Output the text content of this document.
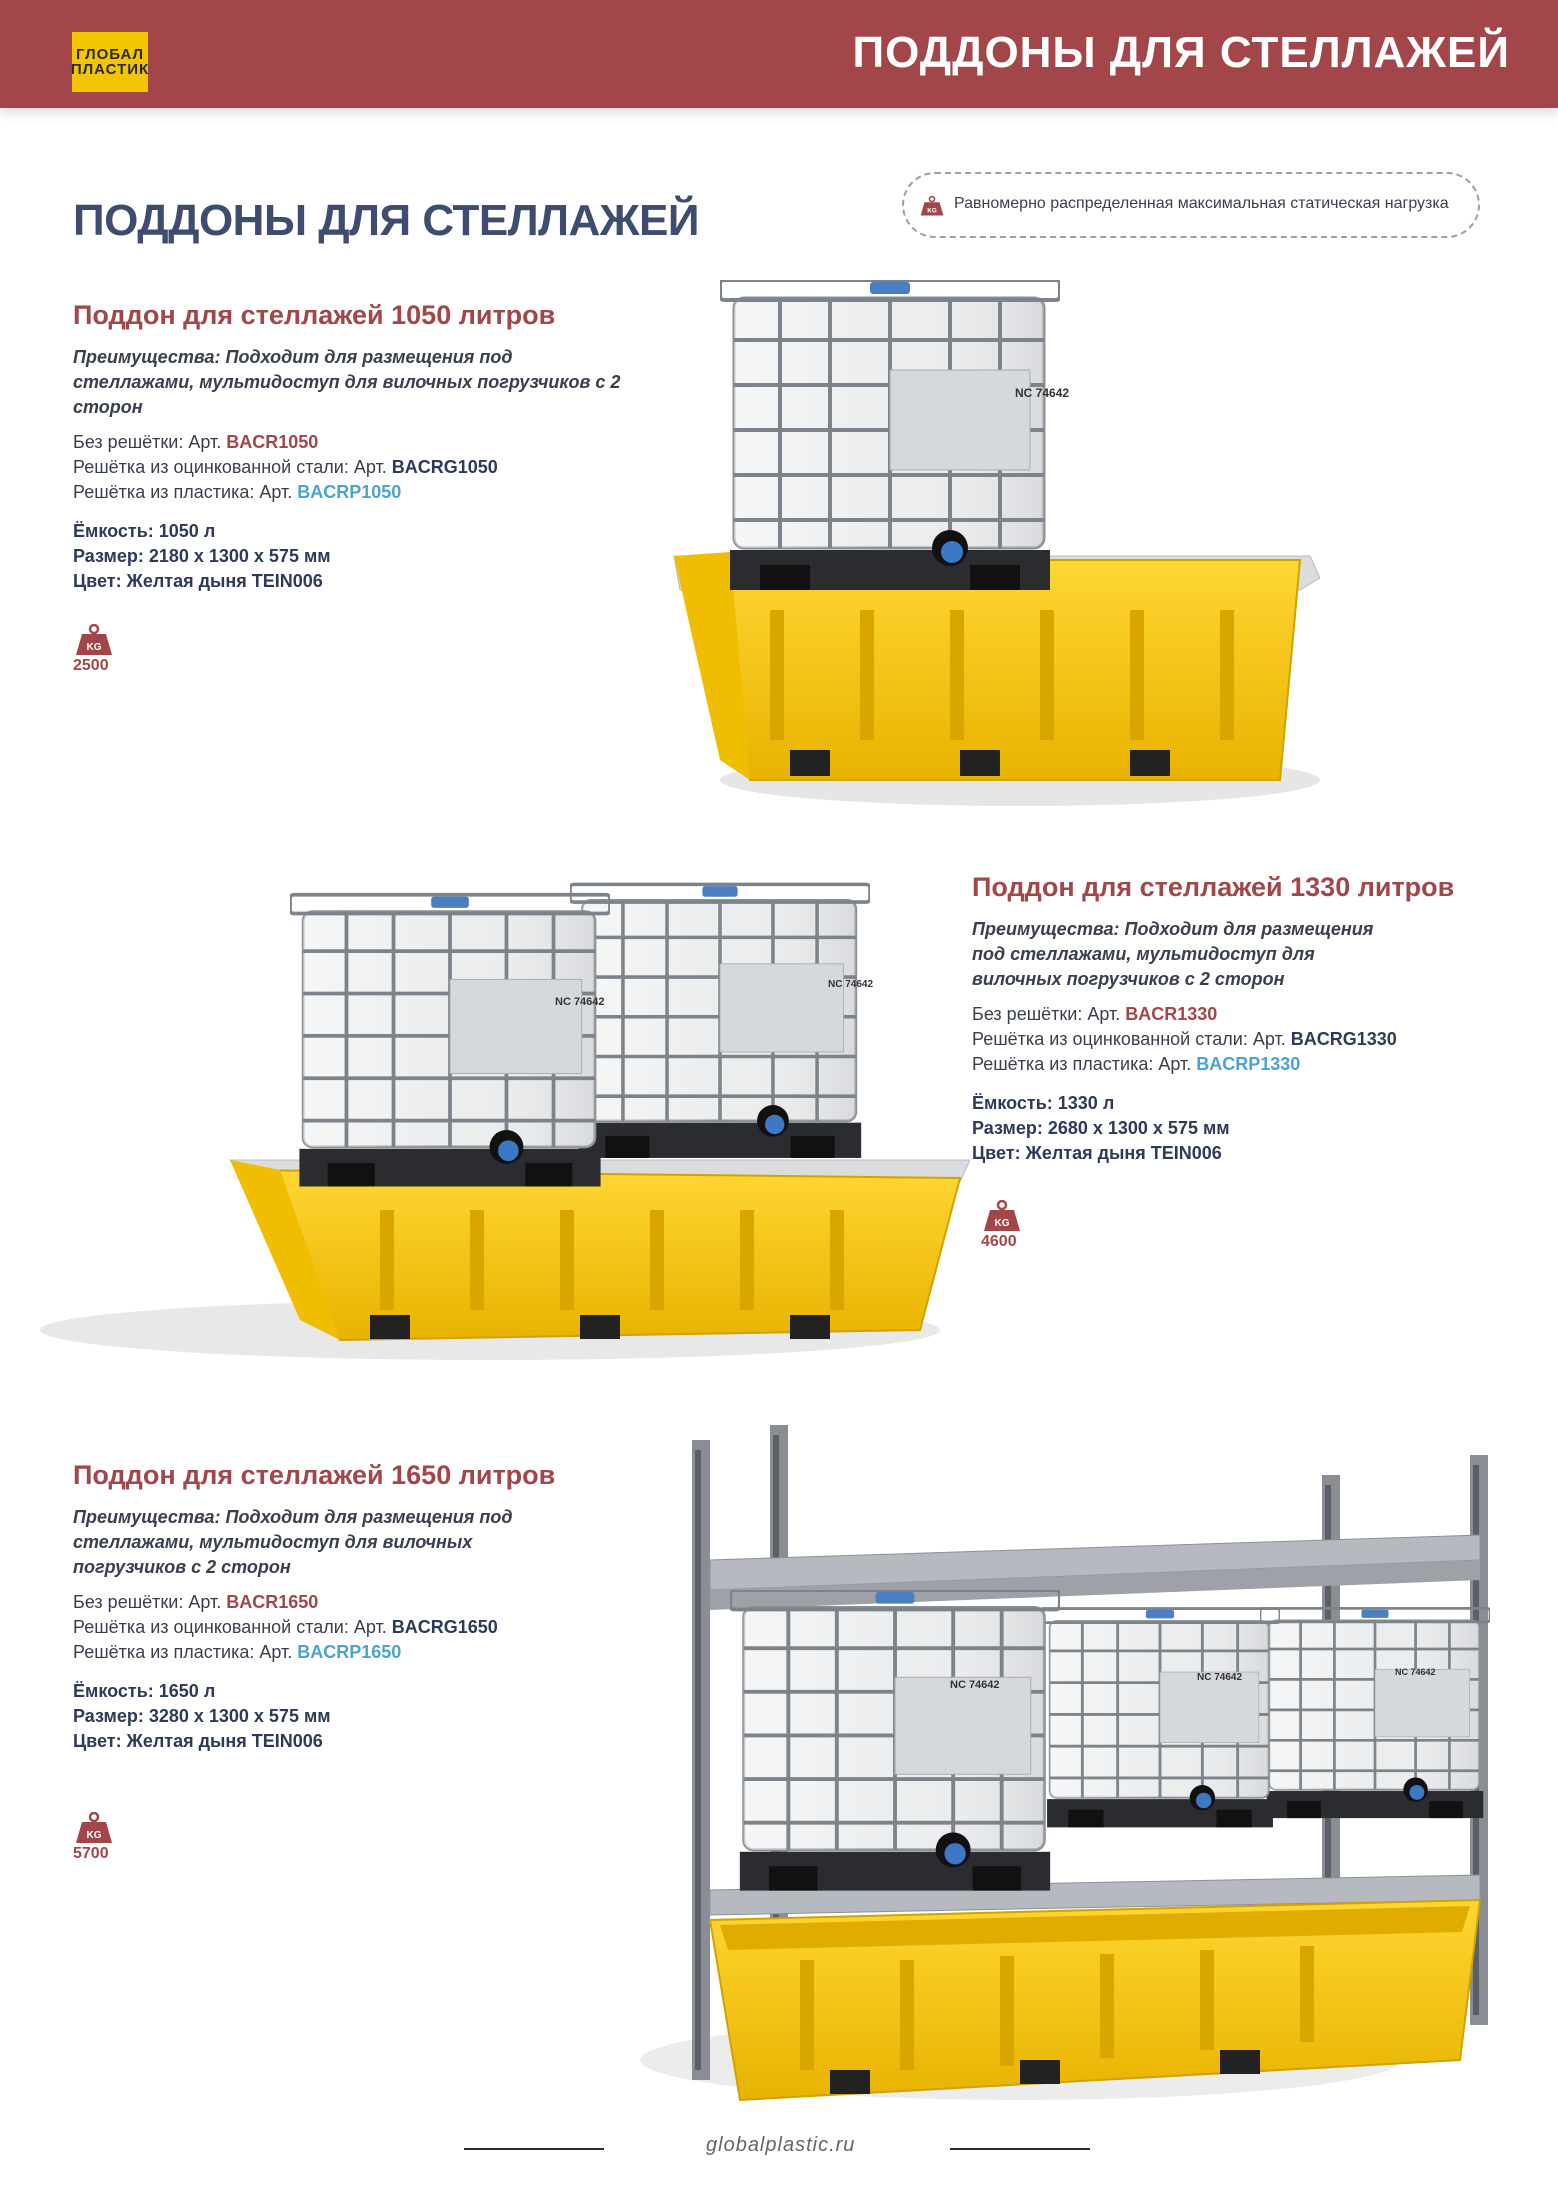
ГЛОБАЛ
ПЛАСТИК	ПОДДОНЫ ДЛЯ СТЕЛЛАЖЕЙ
ПОДДОНЫ ДЛЯ СТЕЛЛАЖЕЙ	KG Равномерно распределенная максимальная статическая нагрузка
Поддон для стеллажей 1050 литров
Преимущества: Подходит для размещения под стеллажами, мультидоступ для вилочных погрузчиков с 2 сторон
Без решётки: Арт. BACR1050
Решётка из оцинкованной стали: Арт. BACRG1050
Решётка из пластика: Арт. BACRP1050
Ёмкость: 1050 л
Размер: 2180 x 1300 x 575 мм
Цвет: Желтая дыня TEIN006
KG
2500
NC 74642
Поддон для стеллажей 1330 литров
Преимущества: Подходит для размещения под стеллажами, мультидоступ для вилочных погрузчиков с 2 сторон
Без решётки: Арт. BACR1330
Решётка из оцинкованной стали: Арт. BACRG1330
Решётка из пластика: Арт. BACRP1330
Ёмкость: 1330 л
Размер: 2680 x 1300 x 575 мм
Цвет: Желтая дыня TEIN006
KG
4600
NC 74642
NC 74642
Поддон для стеллажей 1650 литров
Преимущества: Подходит для размещения под стеллажами, мультидоступ для вилочных погрузчиков с 2 сторон
Без решётки: Арт. BACR1650
Решётка из оцинкованной стали: Арт. BACRG1650
Решётка из пластика: Арт. BACRP1650
Ёмкость: 1650 л
Размер: 3280 x 1300 x 575 мм
Цвет: Желтая дыня TEIN006
KG
5700
NC 74642
NC 74642	NC 74642
globalplastic.ru
